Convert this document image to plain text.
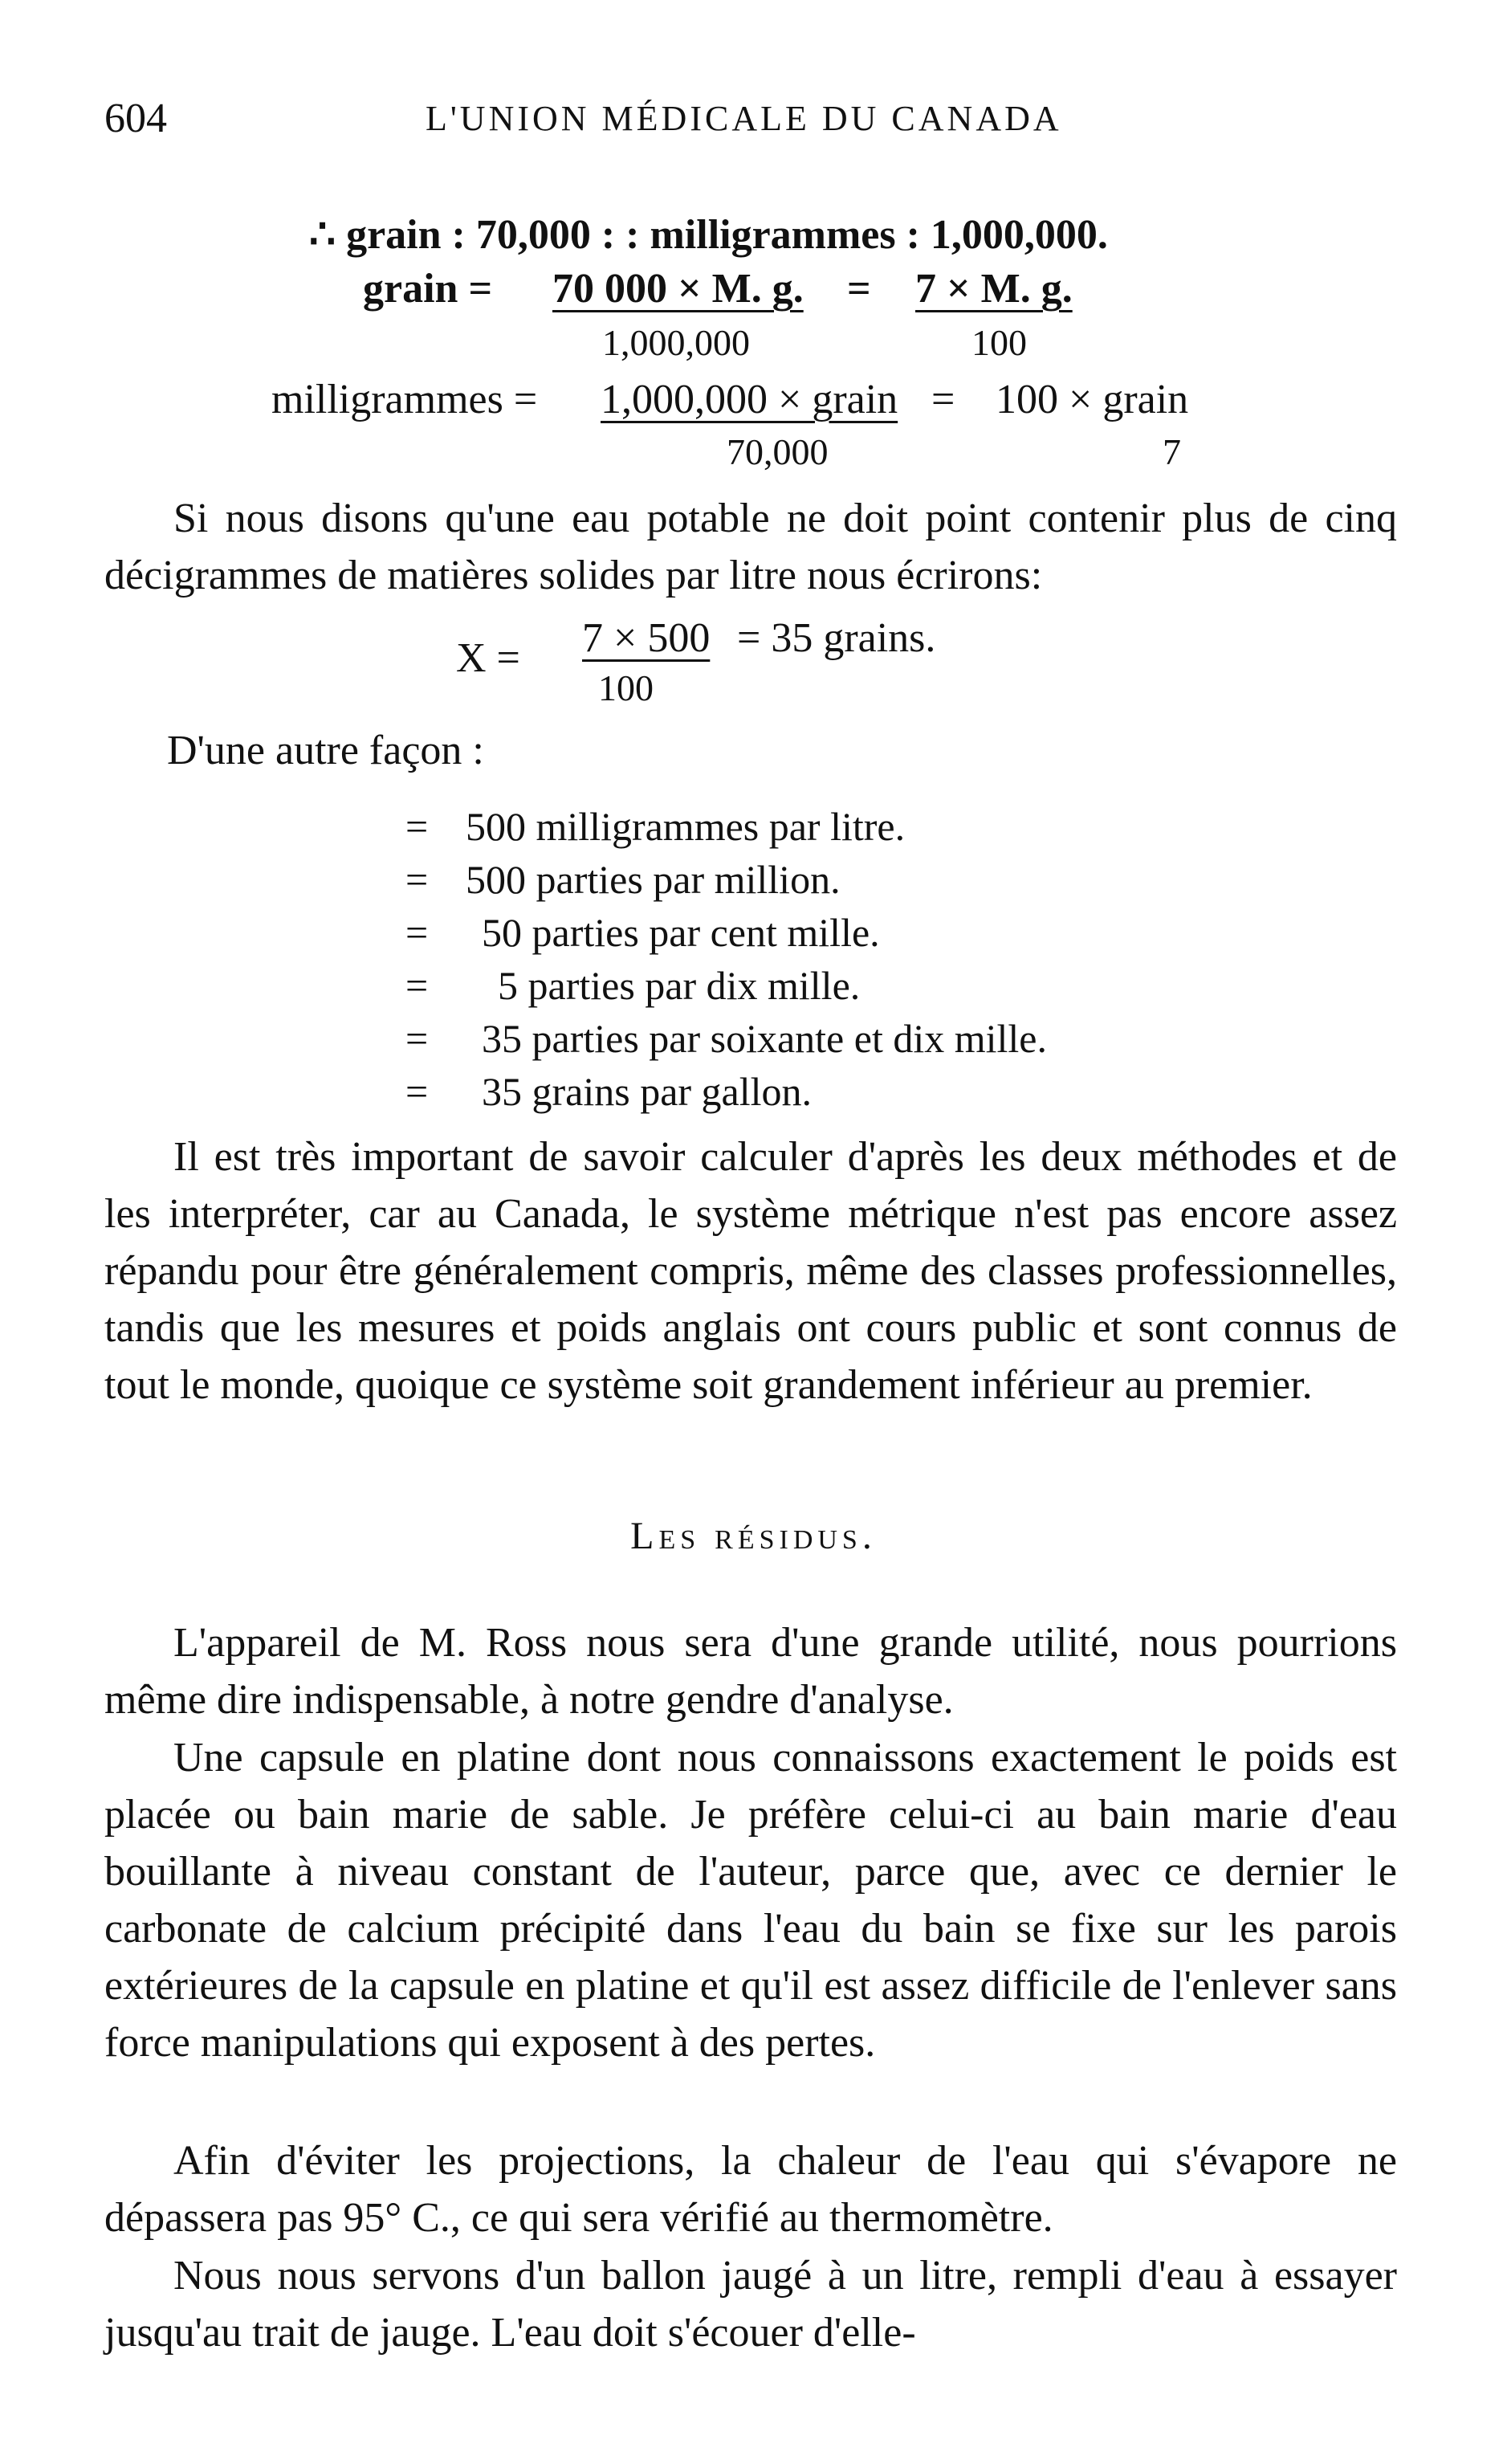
604	L'UNION MÉDICALE DU CANADA
∴ grain : 70,000 : : milligrammes : 1,000,000.
grain = 70 000 × M. g. = 7 × M. g.
1,000,000	100
milligrammes = 1,000,000 × grain = 100 × grain
70,000	7

Si nous disons qu'une eau potable ne doit point contenir plus de cinq décigrammes de matières solides par litre nous écrirons:

X = 7 × 500 = 35 grains.
100
D'une autre façon :
= 500 milligrammes par litre.
= 500 parties par million.
= 50 parties par cent mille.
= 5 parties par dix mille.
= 35 parties par soixante et dix mille.
= 35 grains par gallon.

Il est très important de savoir calculer d'après les deux méthodes et de les interpréter, car au Canada, le système métrique n'est pas encore assez répandu pour être généralement compris, même des classes professionnelles, tandis que les mesures et poids anglais ont cours public et sont connus de tout le monde, quoique ce système soit grandement inférieur au premier.

Les résidus.

L'appareil de M. Ross nous sera d'une grande utilité, nous pourrions même dire indispensable, à notre gendre d'analyse.

Une capsule en platine dont nous connaissons exactement le poids est placée ou bain marie de sable. Je préfère celui-ci au bain marie d'eau bouillante à niveau constant de l'auteur, parce que, avec ce dernier le carbonate de calcium précipité dans l'eau du bain se fixe sur les parois extérieures de la capsule en platine et qu'il est assez difficile de l'enlever sans force manipulations qui exposent à des pertes.

Afin d'éviter les projections, la chaleur de l'eau qui s'évapore ne dépassera pas 95° C., ce qui sera vérifié au thermomètre.

Nous nous servons d'un ballon jaugé à un litre, rempli d'eau à essayer jusqu'au trait de jauge. L'eau doit s'écouer d'elle-
